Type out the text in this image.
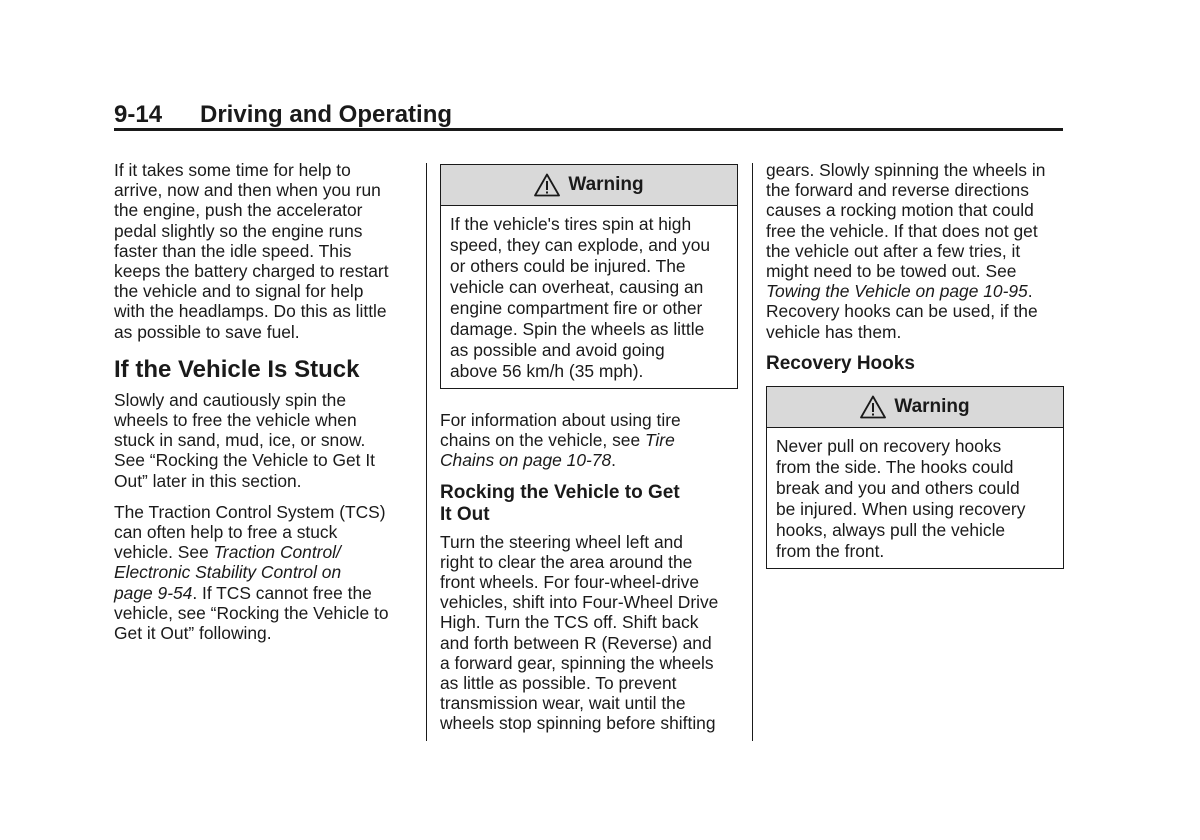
9-14 Driving and Operating
If it takes some time for help to
arrive, now and then when you run
the engine, push the accelerator
pedal slightly so the engine runs
faster than the idle speed. This
keeps the battery charged to restart
the vehicle and to signal for help
with the headlamps. Do this as little
as possible to save fuel.
If the Vehicle Is Stuck
Slowly and cautiously spin the
wheels to free the vehicle when
stuck in sand, mud, ice, or snow.
See “Rocking the Vehicle to Get It
Out” later in this section.
The Traction Control System (TCS)
can often help to free a stuck
vehicle. See Traction Control/
Electronic Stability Control on
page 9-54. If TCS cannot free the
vehicle, see “Rocking the Vehicle to
Get it Out” following.
Warning
If the vehicle's tires spin at high
speed, they can explode, and you
or others could be injured. The
vehicle can overheat, causing an
engine compartment fire or other
damage. Spin the wheels as little
as possible and avoid going
above 56 km/h (35 mph).
For information about using tire
chains on the vehicle, see Tire
Chains on page 10-78.
Rocking the Vehicle to Get
It Out
Turn the steering wheel left and
right to clear the area around the
front wheels. For four-wheel-drive
vehicles, shift into Four-Wheel Drive
High. Turn the TCS off. Shift back
and forth between R (Reverse) and
a forward gear, spinning the wheels
as little as possible. To prevent
transmission wear, wait until the
wheels stop spinning before shifting
gears. Slowly spinning the wheels in
the forward and reverse directions
causes a rocking motion that could
free the vehicle. If that does not get
the vehicle out after a few tries, it
might need to be towed out. See
Towing the Vehicle on page 10-95.
Recovery hooks can be used, if the
vehicle has them.
Recovery Hooks
Warning
Never pull on recovery hooks
from the side. The hooks could
break and you and others could
be injured. When using recovery
hooks, always pull the vehicle
from the front.
